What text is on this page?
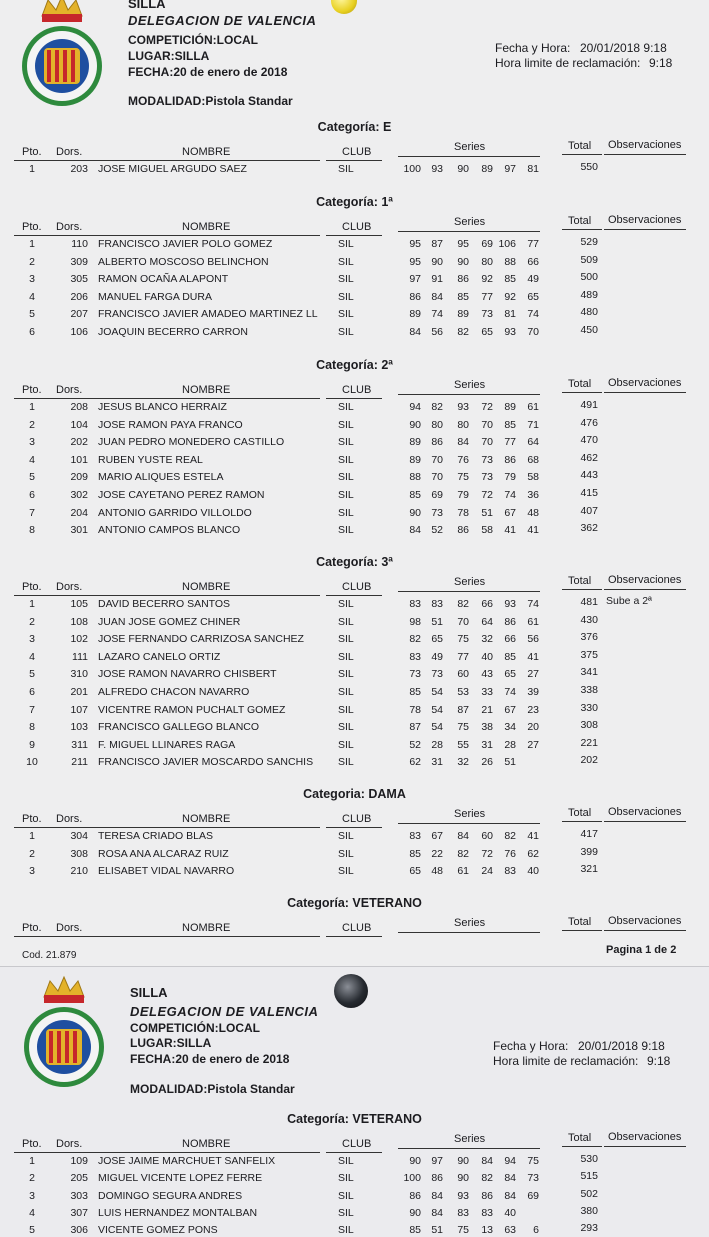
SILLA
DELEGACION DE VALENCIA
COMPETICIÓN:LOCAL
LUGAR:SILLA
FECHA:20 de enero de 2018
MODALIDAD:Pistola Standar
Fecha y Hora: 20/01/2018 9:18
Hora limite de reclamación: 9:18
Categoría: E
Pto. Dors.	NOMBRE	CLUB	Series	Total Observaciones
1	203 JOSE MIGUEL ARGUDO SAEZ	SIL	100 93	90	89	97	81	550
Categoría: 1ª
Pto. Dors.	NOMBRE	CLUB	Series	Total Observaciones
1	110 FRANCISCO JAVIER POLO GOMEZ	SIL	95 87	95	69 106	77	529
2	309 ALBERTO MOSCOSO BELINCHON	SIL	95 90	90	80	88	66	509
3	305 RAMON OCAÑA ALAPONT	SIL	97 91	86	92	85	49	500
4	206 MANUEL FARGA DURA	SIL	86 84	85	77	92	65	489
5	207 FRANCISCO JAVIER AMADEO MARTINEZ LL SIL	89 74	89	73	81	74	480
6	106 JOAQUIN BECERRO CARRON	SIL	84 56	82	65	93	70	450
Categoría: 2ª
Pto. Dors.	NOMBRE	CLUB	Series	Total Observaciones
1	208 JESUS BLANCO HERRAIZ	SIL	94 82	93	72	89	61	491
2	104 JOSE RAMON PAYA FRANCO	SIL	90 80	80	70	85	71	476
3	202 JUAN PEDRO MONEDERO CASTILLO	SIL	89 86	84	70	77	64	470
4	101 RUBEN YUSTE REAL	SIL	89 70	76	73	86	68	462
5	209 MARIO ALIQUES ESTELA	SIL	88 70	75	73	79	58	443
6	302 JOSE CAYETANO PEREZ RAMON	SIL	85 69	79	72	74	36	415
7	204 ANTONIO GARRIDO VILLOLDO	SIL	90 73	78	51	67	48	407
8	301 ANTONIO CAMPOS BLANCO	SIL	84 52	86	58	41	41	362
Categoría: 3ª
Pto. Dors.	NOMBRE	CLUB	Series	Total Observaciones
1	105 DAVID BECERRO SANTOS	SIL	83 83	82	66	93	74	481 Sube a 2ª
2	108 JUAN JOSE GOMEZ CHINER	SIL	98 51	70	64	86	61	430
3	102 JOSE FERNANDO CARRIZOSA SANCHEZ	SIL	82 65	75	32	66	56	376
4	111 LAZARO CANELO ORTIZ	SIL	83 49	77	40	85	41	375
5	310 JOSE RAMON NAVARRO CHISBERT	SIL	73 73	60	43	65	27	341
6	201 ALFREDO CHACON NAVARRO	SIL	85 54	53	33	74	39	338
7	107 VICENTRE RAMON PUCHALT GOMEZ	SIL	78 54	87	21	67	23	330
8	103 FRANCISCO GALLEGO BLANCO	SIL	87 54	75	38	34	20	308
9	311 F. MIGUEL LLINARES RAGA	SIL	52 28	55	31	28	27	221
10	211 FRANCISCO JAVIER MOSCARDO SANCHIS SIL	62 31	32	26	51	202
Categoria: DAMA
Pto. Dors.	NOMBRE	CLUB	Series	Total Observaciones
1	304 TERESA CRIADO BLAS	SIL	83 67	84	60	82	41	417
2	308 ROSA ANA ALCARAZ RUIZ	SIL	85 22	82	72	76	62	399
3	210 ELISABET VIDAL NAVARRO	SIL	65 48	61	24	83	40	321
Categoría: VETERANO
Pto. Dors.	NOMBRE	CLUB	Series	Total Observaciones
Cod. 21.879	Pagina 1 de 2
SILLA
DELEGACION DE VALENCIA
COMPETICIÓN:LOCAL
LUGAR:SILLA
FECHA:20 de enero de 2018
MODALIDAD:Pistola Standar
Fecha y Hora: 20/01/2018 9:18
Hora limite de reclamación: 9:18
Categoría: VETERANO
Pto. Dors.	NOMBRE	CLUB	Series	Total Observaciones
1	109 JOSE JAIME MARCHUET SANFELIX	SIL	90 97	90	84	94	75	530
2	205 MIGUEL VICENTE LOPEZ FERRE	SIL	100 86	90	82	84	73	515
3	303 DOMINGO SEGURA ANDRES	SIL	86 84	93	86	84	69	502
4	307 LUIS HERNANDEZ MONTALBAN	SIL	90 84	83	83	40	380
5	306 VICENTE GOMEZ PONS	SIL	85 51	75	13	63	6	293
